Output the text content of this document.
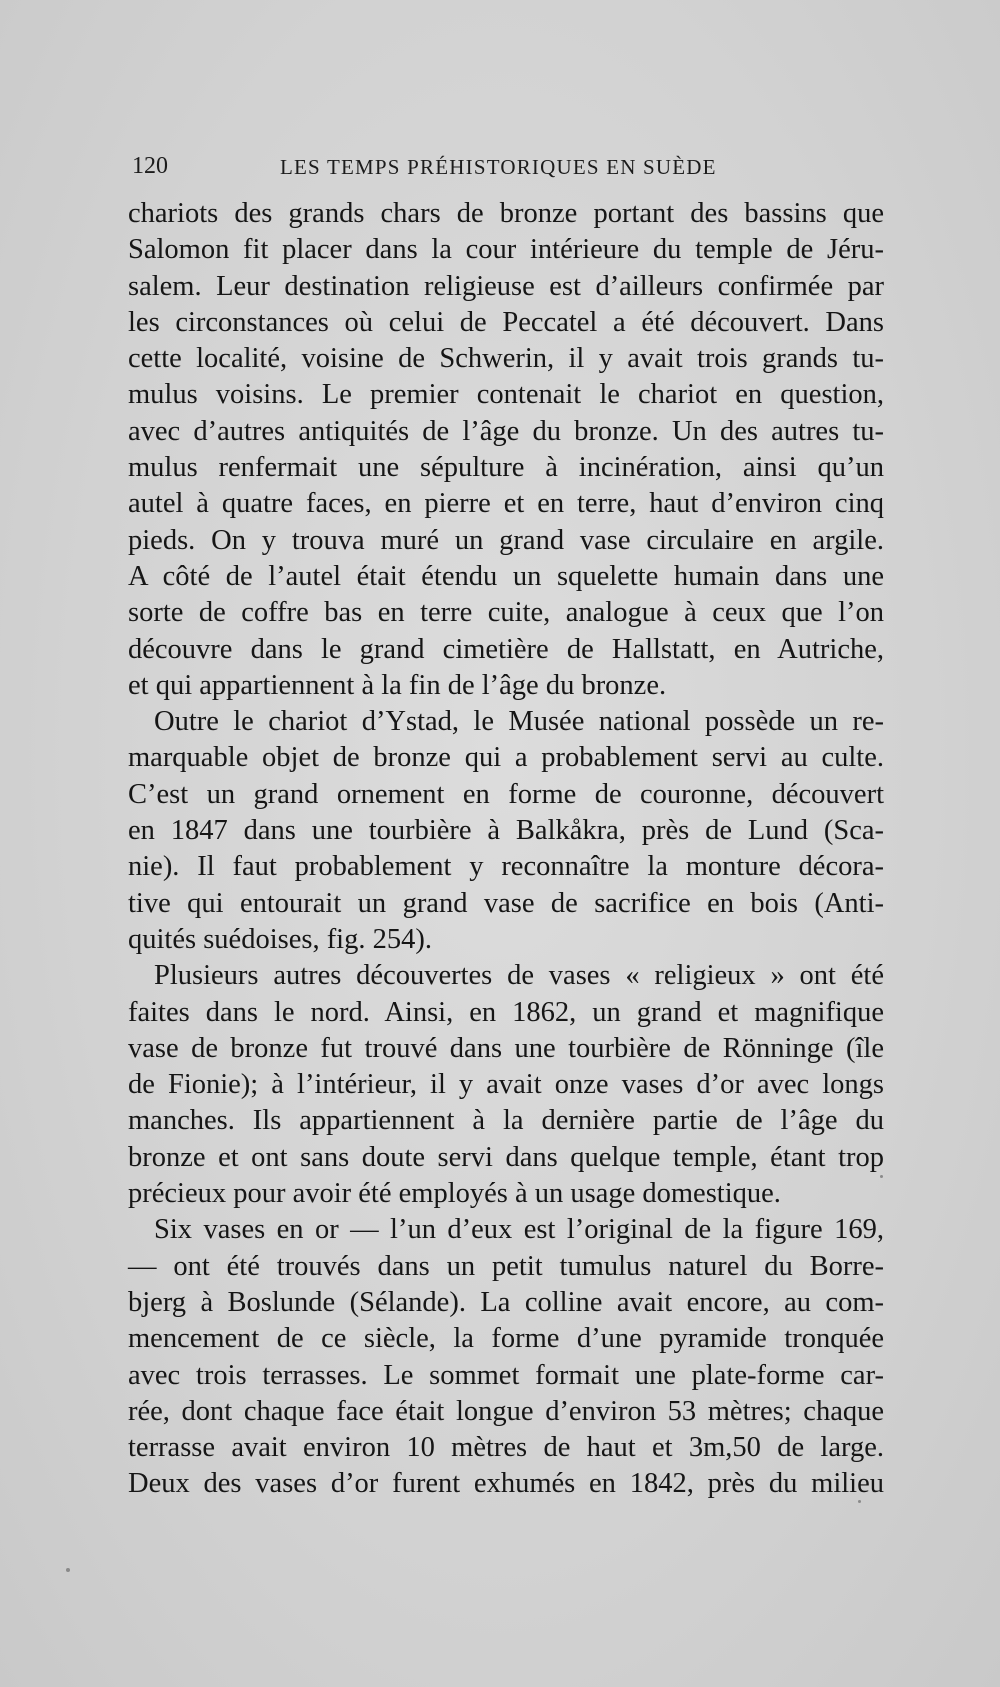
120	LES TEMPS PRÉHISTORIQUES EN SUÈDE
chariots des grands chars de bronze portant des bassins que
Salomon fit placer dans la cour intérieure du temple de Jéru-
salem. Leur destination religieuse est d’ailleurs confirmée par
les circonstances où celui de Peccatel a été découvert. Dans
cette localité, voisine de Schwerin, il y avait trois grands tu-
mulus voisins. Le premier contenait le chariot en question,
avec d’autres antiquités de l’âge du bronze. Un des autres tu-
mulus renfermait une sépulture à incinération, ainsi qu’un
autel à quatre faces, en pierre et en terre, haut d’environ cinq
pieds. On y trouva muré un grand vase circulaire en argile.
A côté de l’autel était étendu un squelette humain dans une
sorte de coffre bas en terre cuite, analogue à ceux que l’on
découvre dans le grand cimetière de Hallstatt, en Autriche,
et qui appartiennent à la fin de l’âge du bronze.
Outre le chariot d’Ystad, le Musée national possède un re-
marquable objet de bronze qui a probablement servi au culte.
C’est un grand ornement en forme de couronne, découvert
en 1847 dans une tourbière à Balkåkra, près de Lund (Sca-
nie). Il faut probablement y reconnaître la monture décora-
tive qui entourait un grand vase de sacrifice en bois (Anti-
quités suédoises, fig. 254).
Plusieurs autres découvertes de vases « religieux » ont été
faites dans le nord. Ainsi, en 1862, un grand et magnifique
vase de bronze fut trouvé dans une tourbière de Rönninge (île
de Fionie); à l’intérieur, il y avait onze vases d’or avec longs
manches. Ils appartiennent à la dernière partie de l’âge du
bronze et ont sans doute servi dans quelque temple, étant trop
précieux pour avoir été employés à un usage domestique.
Six vases en or — l’un d’eux est l’original de la figure 169,
— ont été trouvés dans un petit tumulus naturel du Borre-
bjerg à Boslunde (Sélande). La colline avait encore, au com-
mencement de ce siècle, la forme d’une pyramide tronquée
avec trois terrasses. Le sommet formait une plate-forme car-
rée, dont chaque face était longue d’environ 53 mètres; chaque
terrasse avait environ 10 mètres de haut et 3m,50 de large.
Deux des vases d’or furent exhumés en 1842, près du milieu
